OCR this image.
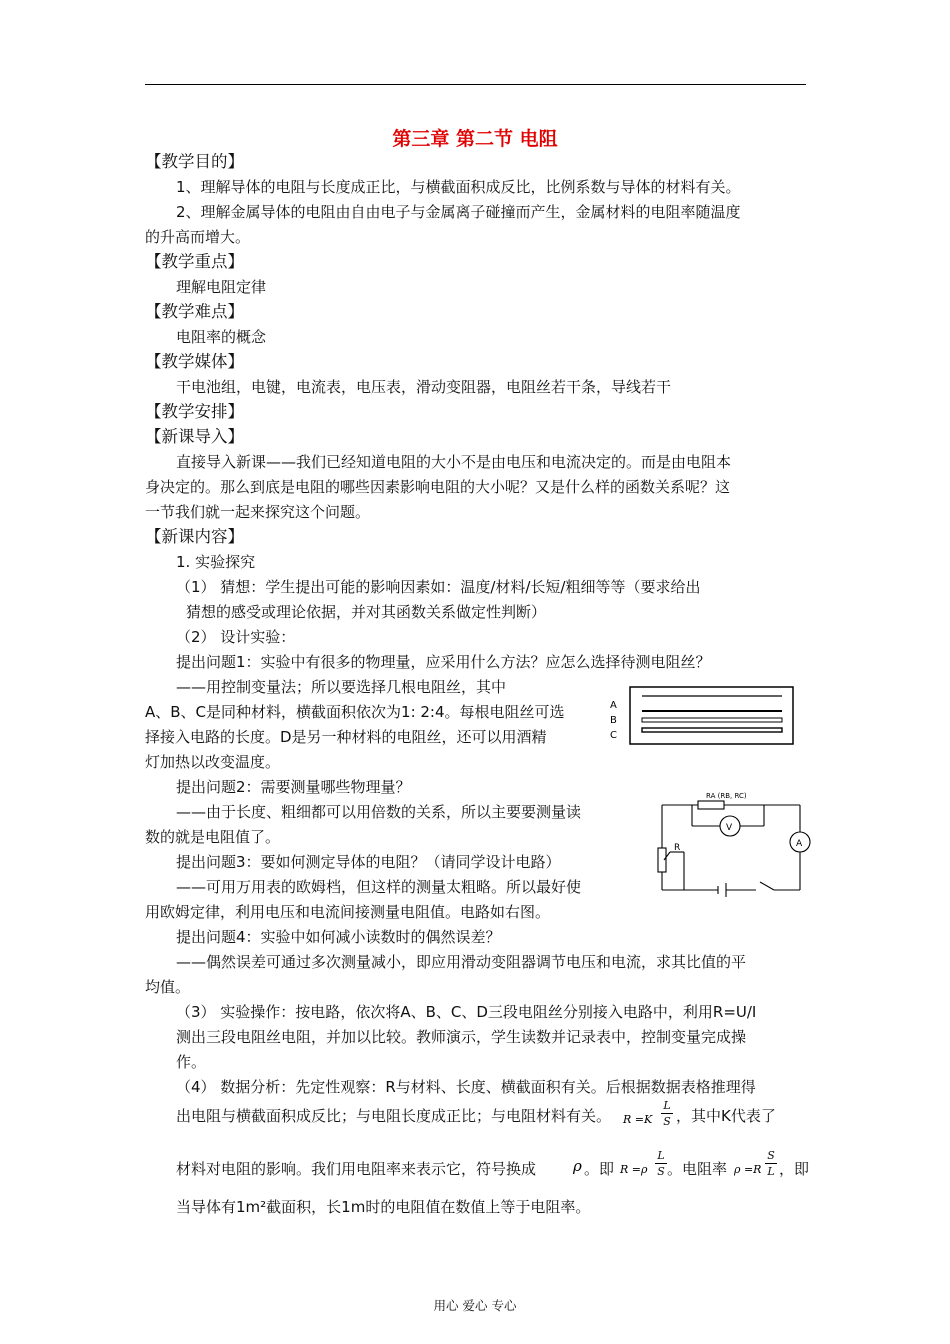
第三章 第二节 电阻
【教学目的】
1、理解导体的电阻与长度成正比，与横截面积成反比，比例系数与导体的材料有关。
2、理解金属导体的电阻由自由电子与金属离子碰撞而产生，金属材料的电阻率随温度
的升高而增大。
【教学重点】
理解电阻定律
【教学难点】
电阻率的概念
【教学媒体】
干电池组，电键，电流表，电压表，滑动变阻器，电阻丝若干条，导线若干
【教学安排】
【新课导入】
直接导入新课——我们已经知道电阻的大小不是由电压和电流决定的。而是由电阻本
身决定的。那么到底是电阻的哪些因素影响电阻的大小呢？又是什么样的函数关系呢？这
一节我们就一起来探究这个问题。
【新课内容】
1. 实验探究
（1） 猜想：学生提出可能的影响因素如：温度/材料/长短/粗细等等（要求给出
猜想的感受或理论依据，并对其函数关系做定性判断）
（2） 设计实验：
提出问题1：实验中有很多的物理量，应采用什么方法？应怎么选择待测电阻丝？
——用控制变量法；所以要选择几根电阻丝，其中
A、B、C是同种材料，横截面积依次为1: 2:4。每根电阻丝可选
择接入电路的长度。D是另一种材料的电阻丝，还可以用酒精
灯加热以改变温度。
A
B
C
提出问题2：需要测量哪些物理量？
——由于长度、粗细都可以用倍数的关系，所以主要要测量读
数的就是电阻值了。
提出问题3：要如何测定导体的电阻？（请同学设计电路）
——可用万用表的欧姆档，但这样的测量太粗略。所以最好使
用欧姆定律，利用电压和电流间接测量电阻值。电路如右图。
RA (RB, RC)
V
A
R
提出问题4：实验中如何减小读数时的偶然误差？
——偶然误差可通过多次测量减小，即应用滑动变阻器调节电压和电流，求其比值的平
均值。
（3） 实验操作：按电路，依次将A、B、C、D三段电阻丝分别接入电路中，利用R=U/I
测出三段电阻丝电阻，并加以比较。教师演示，学生读数并记录表中，控制变量完成操
作。
（4） 数据分析：先定性观察：R与材料、长度、横截面积有关。后根据数据表格推理得
出电阻与横截面积成反比；与电阻长度成正比；与电阻材料有关。 R =K
L
S ，其中K代表了
材料对电阻的影响。我们用电阻率来表示它，符号换成 ρ 。即 R =ρ
L
S 。电阻率 ρ =R
S
L ，即
当导体有1m²截面积，长1m时的电阻值在数值上等于电阻率。
用心 爱心 专心
